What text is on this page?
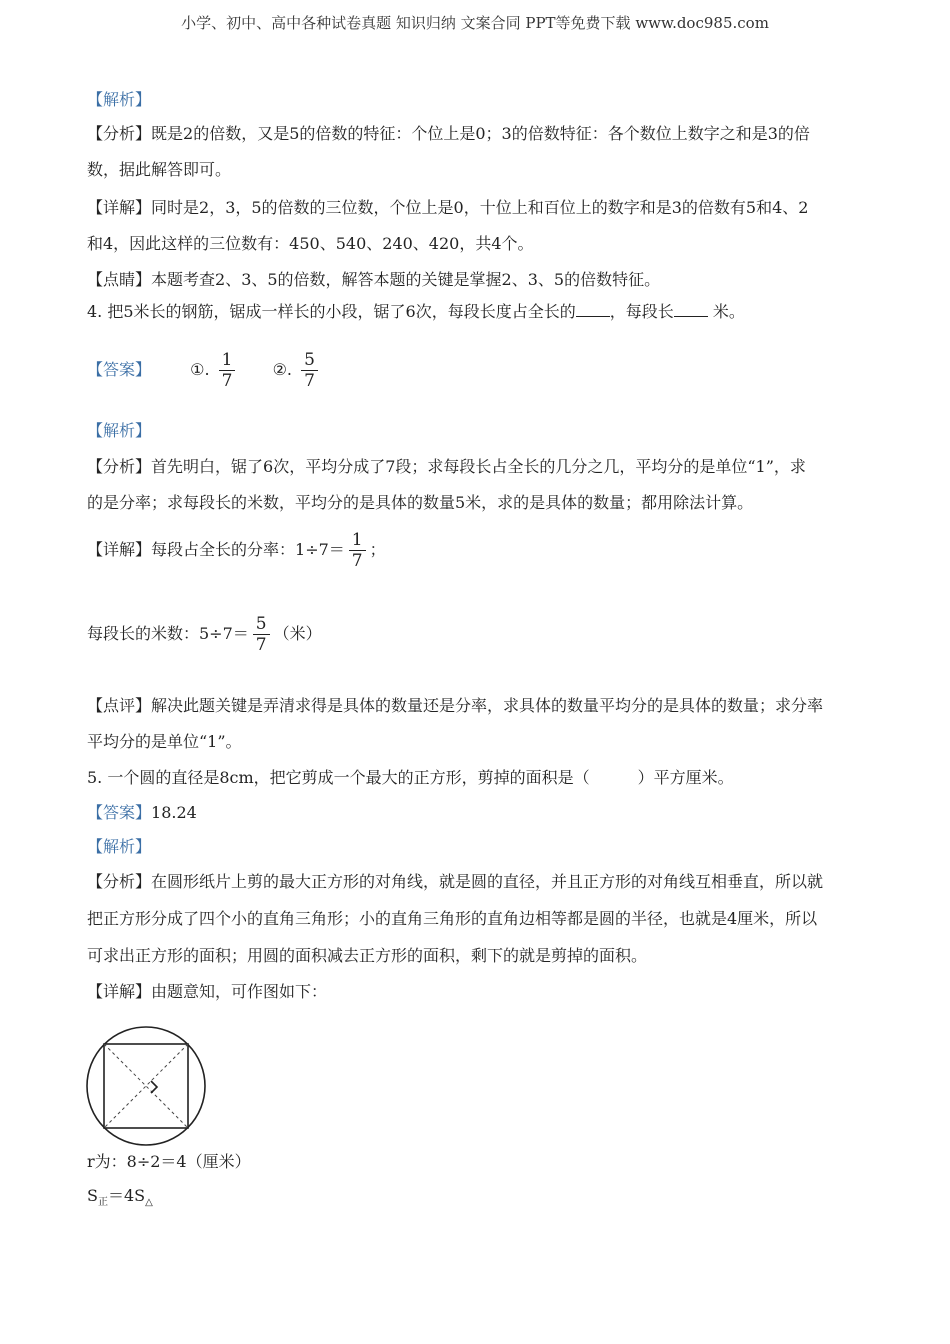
小学、初中、高中各种试卷真题 知识归纳 文案合同 PPT等免费下载 www.doc985.com
【解析】
【分析】既是2的倍数，又是5的倍数的特征：个位上是0；3的倍数特征：各个数位上数字之和是3的倍
数，据此解答即可。
【详解】同时是2，3，5的倍数的三位数，个位上是0，十位上和百位上的数字和是3的倍数有5和4、2
和4，因此这样的三位数有：450、540、240、420，共4个。
【点睛】本题考查2、3、5的倍数，解答本题的关键是掌握2、3、5的倍数特征。
4. 把5米长的钢筋，锯成一样长的小段，锯了6次，每段长度占全长的 ，每段长 米。
【答案】 ①. $\frac{1}{7}$ ②. $\frac{5}{7}$
【解析】
【分析】首先明白，锯了6次，平均分成了7段；求每段长占全长的几分之几，平均分的是单位“1”，求
的是分率；求每段长的米数，平均分的是具体的数量5米，求的是具体的数量；都用除法计算。
【详解】每段占全长的分率：$1\div 7= \frac{1}{7}$ ；
每段长的米数：$5\div 7= \frac{5}{7}$ （米）
【点评】解决此题关键是弄清求得是具体的数量还是分率，求具体的数量平均分的是具体的数量；求分率
平均分的是单位“1”。
5. 一个圆的直径是8cm，把它剪成一个最大的正方形，剪掉的面积是（　　　）平方厘米。
【答案】18.24
【解析】
【分析】在圆形纸片上剪的最大正方形的对角线，就是圆的直径，并且正方形的对角线互相垂直，所以就
把正方形分成了四个小的直角三角形；小的直角三角形的直角边相等都是圆的半径，也就是4厘米，所以
可求出正方形的面积；用圆的面积减去正方形的面积，剩下的就是剪掉的面积。
【详解】由题意知，可作图如下：
r为：8÷2＝4（厘米）
$S_正=4S_\triangle$
